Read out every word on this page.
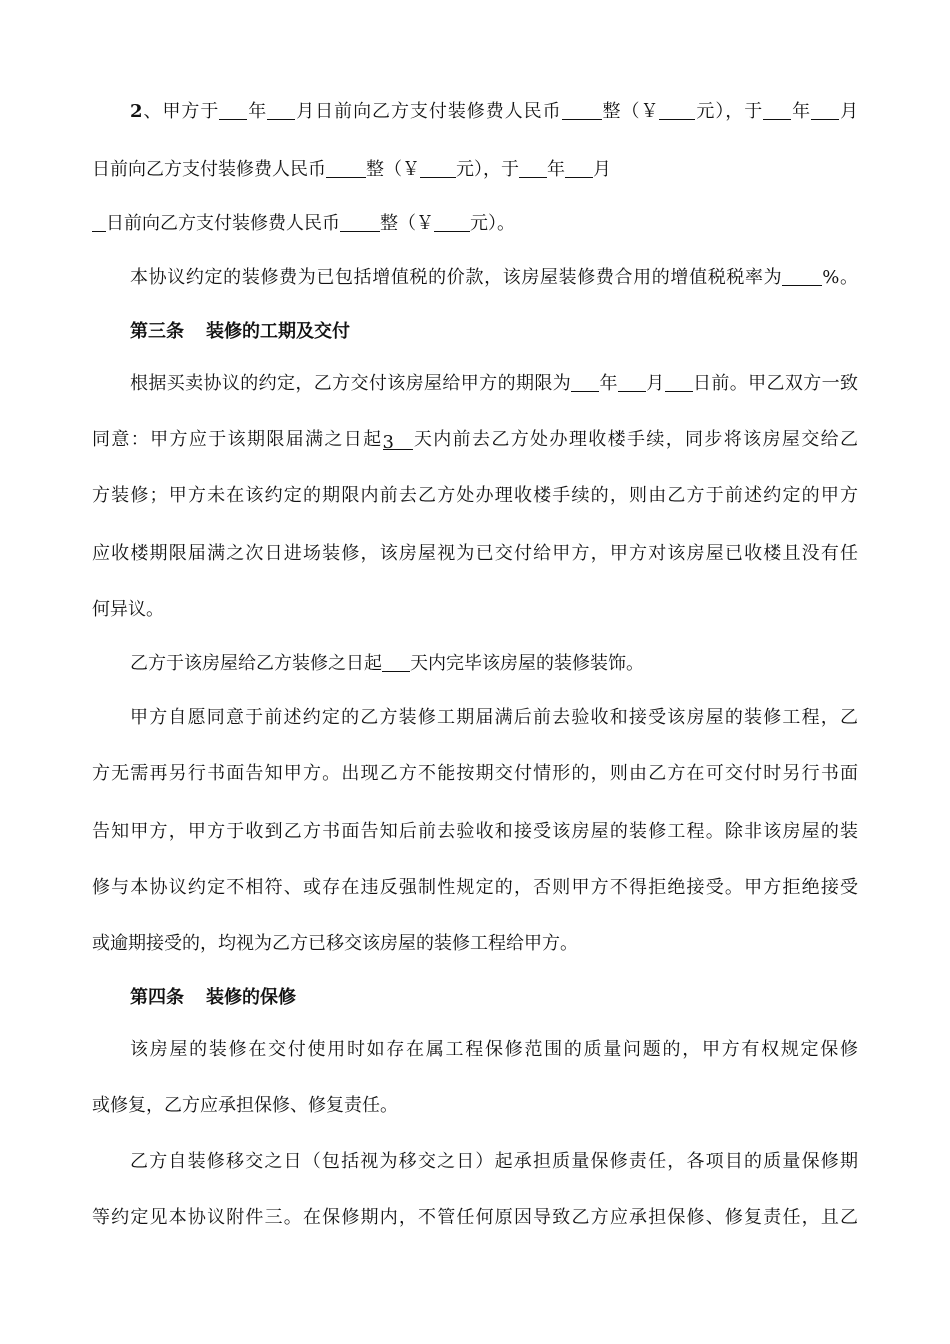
2、甲方于 年 月日前向乙方支付装修费人民币 整（￥ 元），于 年 月
日前向乙方支付装修费人民币 整（￥ 元），于 年 月
日前向乙方支付装修费人民币 整（￥ 元）。
本协议约定的装修费为已包括增值税的价款，该房屋装修费合用的增值税税率为 %。
第三条 装修的工期及交付
根据买卖协议的约定，乙方交付该房屋给甲方的期限为 年 月 日前。甲乙双方一致
同意：甲方应于该期限届满之日起3 天内前去乙方处办理收楼手续，同步将该房屋交给乙
方装修；甲方未在该约定的期限内前去乙方处办理收楼手续的，则由乙方于前述约定的甲方
应收楼期限届满之次日进场装修，该房屋视为已交付给甲方，甲方对该房屋已收楼且没有任
何异议。
乙方于该房屋给乙方装修之日起 天内完毕该房屋的装修装饰。
甲方自愿同意于前述约定的乙方装修工期届满后前去验收和接受该房屋的装修工程，乙
方无需再另行书面告知甲方。出现乙方不能按期交付情形的，则由乙方在可交付时另行书面
告知甲方，甲方于收到乙方书面告知后前去验收和接受该房屋的装修工程。除非该房屋的装
修与本协议约定不相符、或存在违反强制性规定的，否则甲方不得拒绝接受。甲方拒绝接受
或逾期接受的，均视为乙方已移交该房屋的装修工程给甲方。
第四条 装修的保修
该房屋的装修在交付使用时如存在属工程保修范围的质量问题的，甲方有权规定保修
或修复，乙方应承担保修、修复责任。
乙方自装修移交之日（包括视为移交之日）起承担质量保修责任，各项目的质量保修期
等约定见本协议附件三。在保修期内，不管任何原因导致乙方应承担保修、修复责任，且乙
